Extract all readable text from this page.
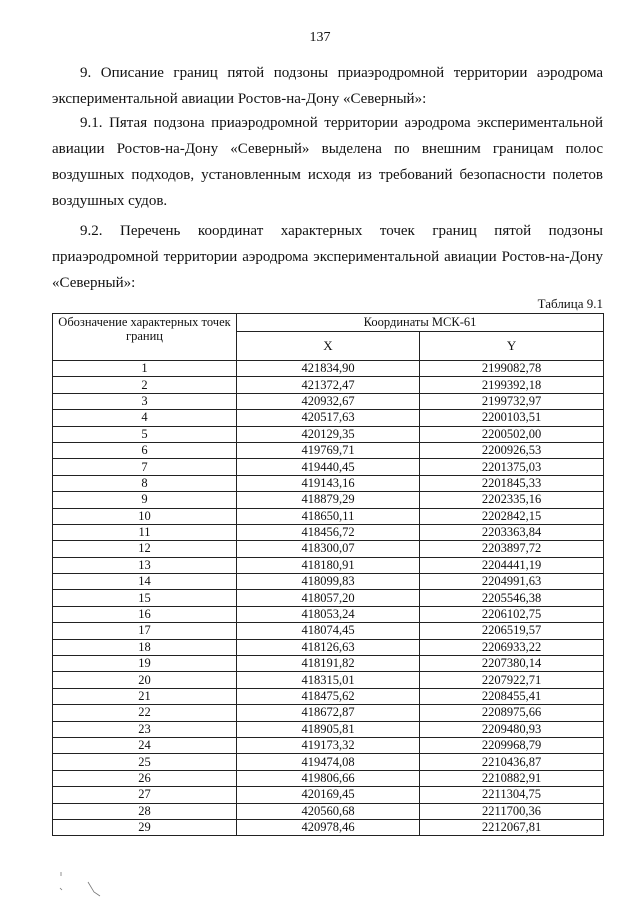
137

9. Описание границ пятой подзоны приаэродромной территории аэродрома экспериментальной авиации Ростов-на-Дону «Северный»:

9.1. Пятая подзона приаэродромной территории аэродрома экспериментальной авиации Ростов-на-Дону «Северный» выделена по внешним границам полос воздушных подходов, установленным исходя из требований безопасности полетов воздушных судов.

9.2. Перечень координат характерных точек границ пятой подзоны приаэродромной территории аэродрома экспериментальной авиации Ростов-на-Дону «Северный»:

Таблица 9.1
Обозначение характерных точек границ	Координаты МСК-61	
	X	Y
1	421834,90	2199082,78
2	421372,47	2199392,18
3	420932,67	2199732,97
4	420517,63	2200103,51
5	420129,35	2200502,00
6	419769,71	2200926,53
7	419440,45	2201375,03
8	419143,16	2201845,33
9	418879,29	2202335,16
10	418650,11	2202842,15
11	418456,72	2203363,84
12	418300,07	2203897,72
13	418180,91	2204441,19
14	418099,83	2204991,63
15	418057,20	2205546,38
16	418053,24	2206102,75
17	418074,45	2206519,57
18	418126,63	2206933,22
19	418191,82	2207380,14
20	418315,01	2207922,71
21	418475,62	2208455,41
22	418672,87	2208975,66
23	418905,81	2209480,93
24	419173,32	2209968,79
25	419474,08	2210436,87
26	419806,66	2210882,91
27	420169,45	2211304,75
28	420560,68	2211700,36
29	420978,46	2212067,81
